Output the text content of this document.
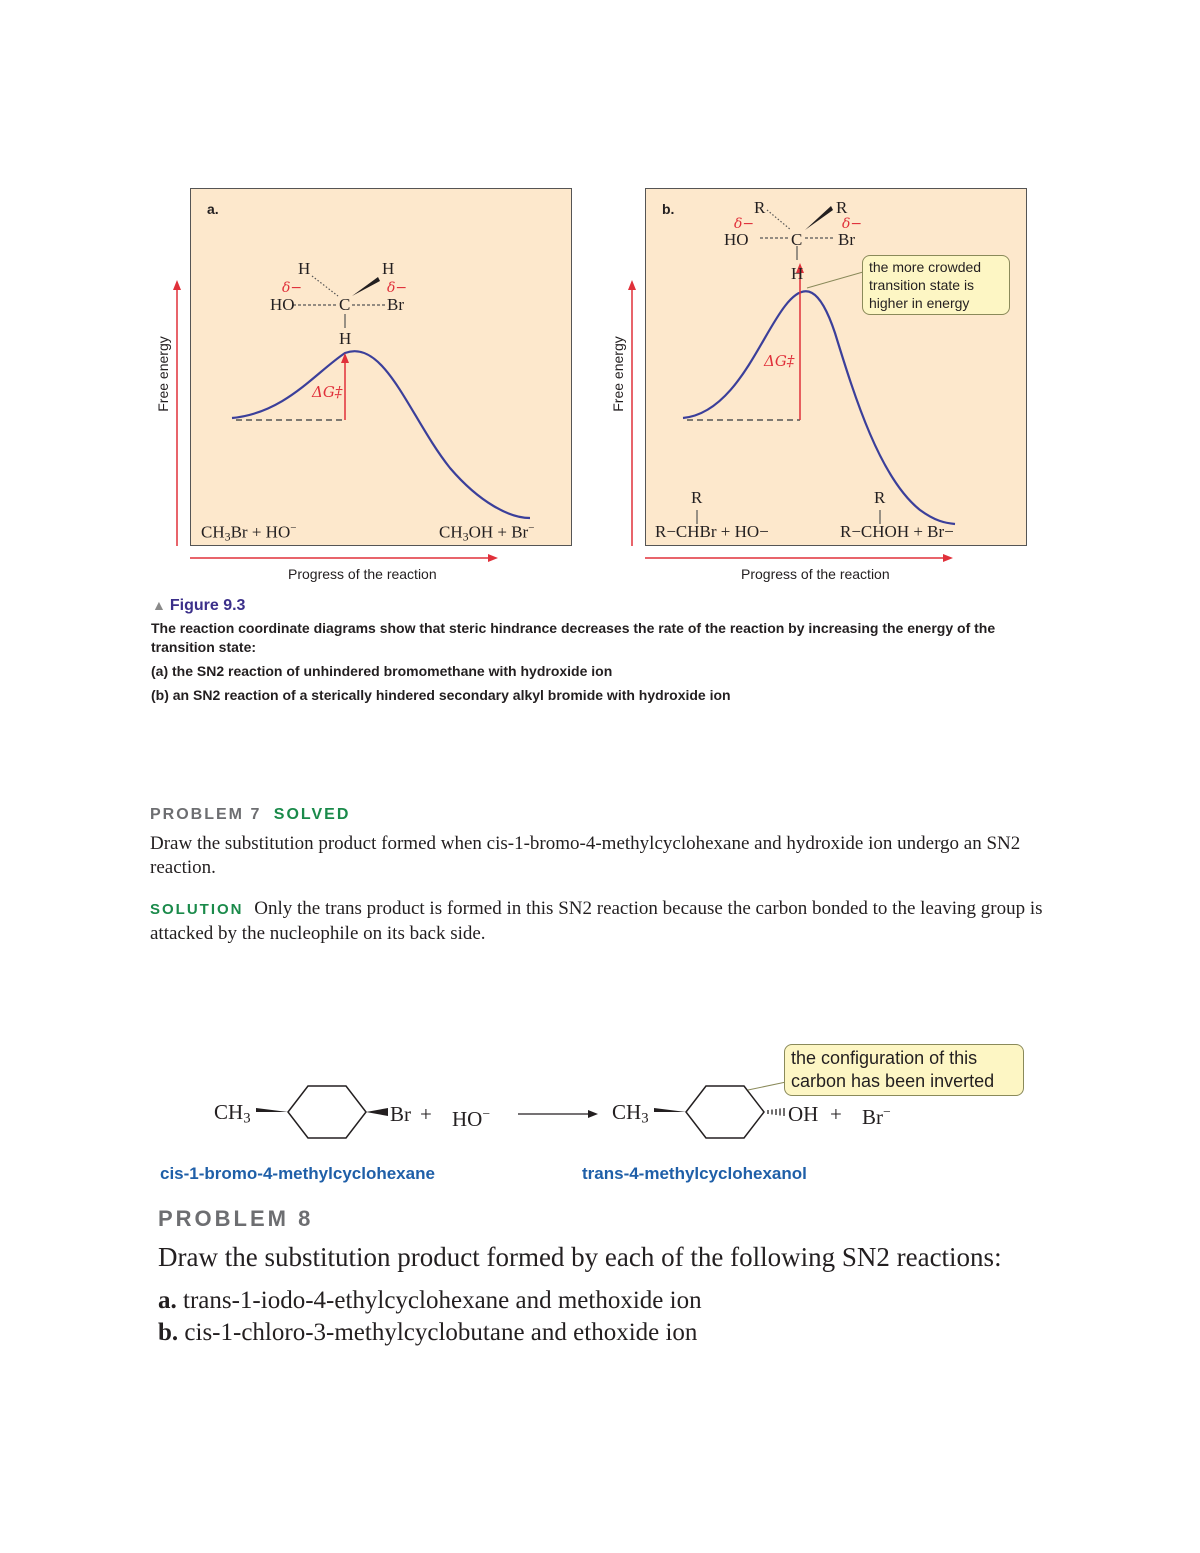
a.
H	H
δ−	δ−
HO	C Br
H
ΔG‡
$CH_3Br + HO^-$	$CH_3OH + Br^-$
Free energy
Progress of the reaction
b.	R	R
δ−	δ−
HO C Br
H
ΔG‡
the more crowded transition state is higher in energy
R	R
R−CHBr + HO−	R−CHOH + Br−
Free energy
Progress of the reaction
▲ Figure 9.3
The reaction coordinate diagrams show that steric hindrance decreases the rate of the reaction by increasing the energy of the transition state:
(a) the SN2 reaction of unhindered bromomethane with hydroxide ion
(b) an SN2 reaction of a sterically hindered secondary alkyl bromide with hydroxide ion
PROBLEM 7 SOLVED
Draw the substitution product formed when cis-1-bromo-4-methylcyclohexane and hydroxide ion undergo an SN2 reaction.
SOLUTION Only the trans product is formed in this SN2 reaction because the carbon bonded to the leaving group is attacked by the nucleophile on its back side.
$CH_3$	Br + HO−	$CH_3$	OH + Br−
the configuration of this carbon has been inverted
cis-1-bromo-4-methylcyclohexane	trans-4-methylcyclohexanol
PROBLEM 8
Draw the substitution product formed by each of the following SN2 reactions:
a. trans-1-iodo-4-ethylcyclohexane and methoxide ion
b. cis-1-chloro-3-methylcyclobutane and ethoxide ion
